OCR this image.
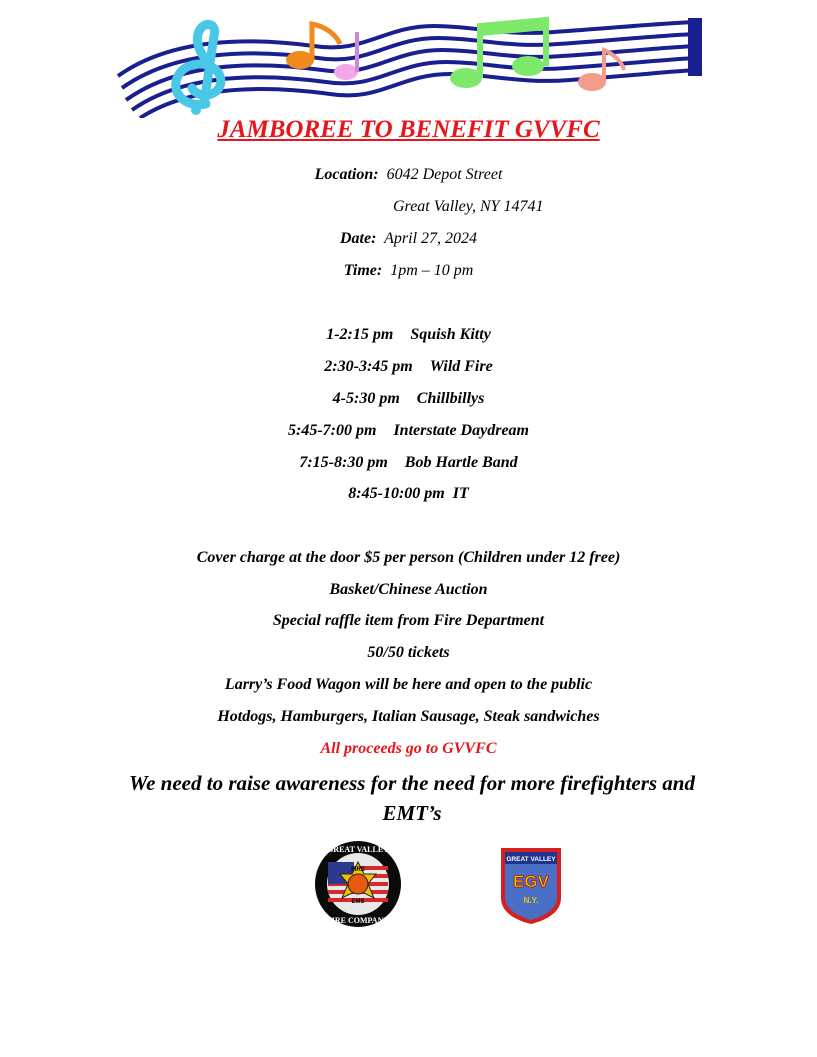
JAMBOREE TO BENEFIT GVVFC
Location: 6042 Depot Street
Great Valley, NY 14741
Date: April 27, 2024
Time: 1pm – 10 pm
1-2:15 pm Squish Kitty
2:30-3:45 pm Wild Fire
4-5:30 pm Chillbillys
5:45-7:00 pm Interstate Daydream
7:15-8:30 pm Bob Hartle Band
8:45-10:00 pm IT
Cover charge at the door $5 per person (Children under 12 free)
Basket/Chinese Auction
Special raffle item from Fire Department
50/50 tickets
Larry’s Food Wagon will be here and open to the public
Hotdogs, Hamburgers, Italian Sausage, Steak sandwiches
All proceeds go to GVVFC
We need to raise awareness for the need for more firefighters and EMT’s
FIRE
EMS
GREAT VALLEY
FIRE COMPANY
GREAT VALLEY
EGV
N.Y.
